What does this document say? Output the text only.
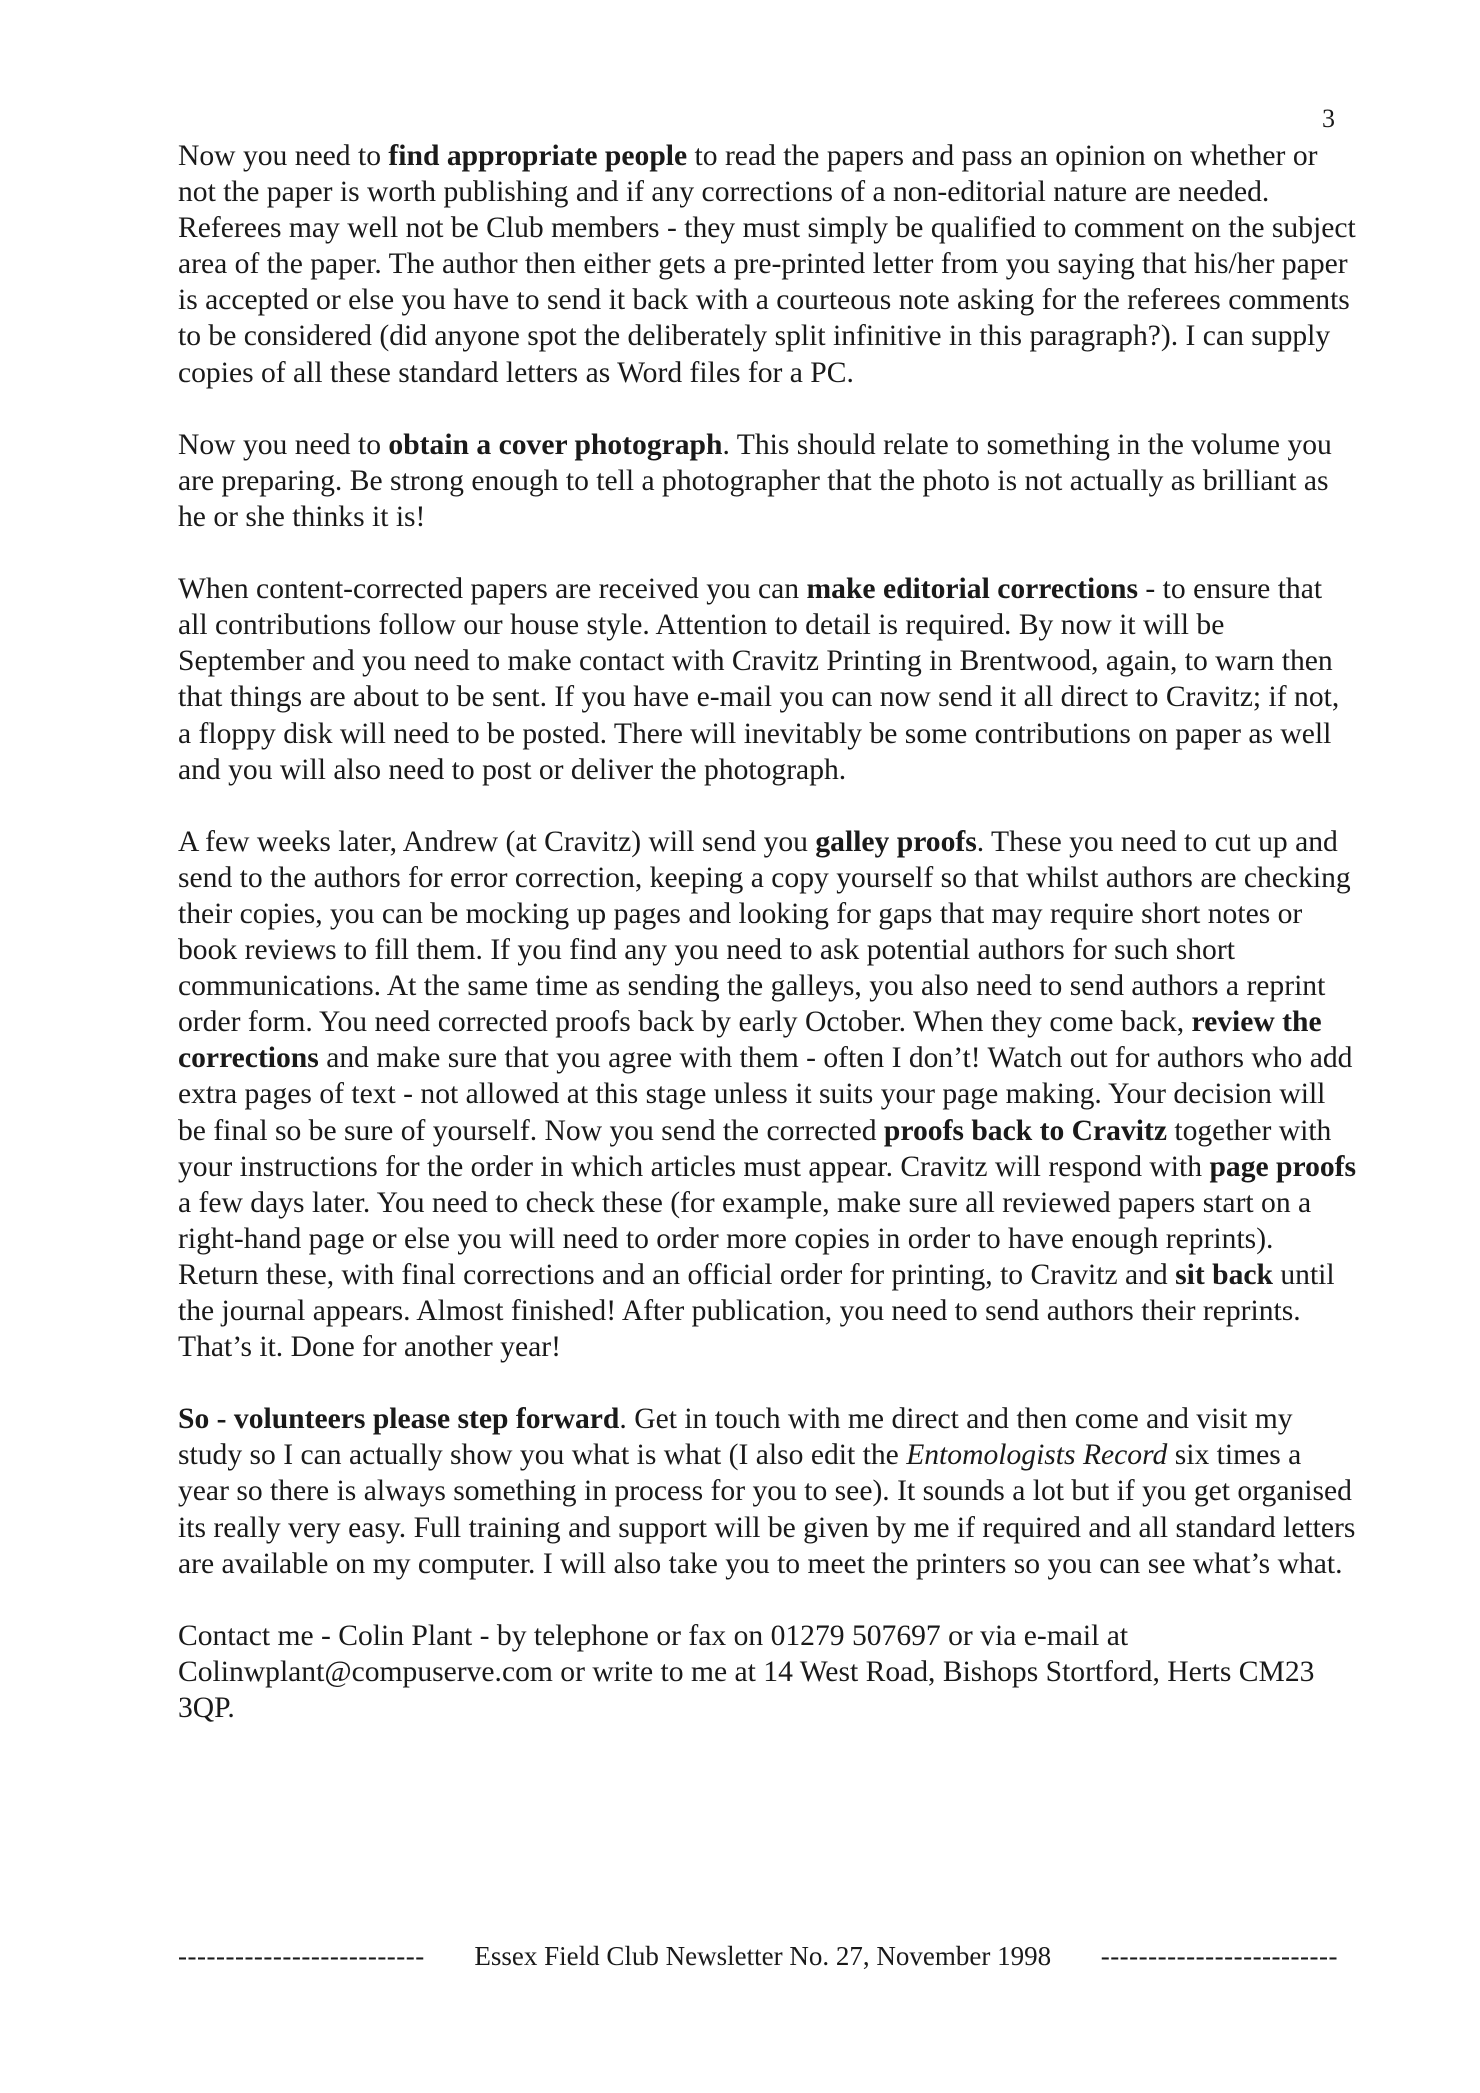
3

Now you need to find appropriate people to read the papers and pass an opinion on whether or not the paper is worth publishing and if any corrections of a non-editorial nature are needed. Referees may well not be Club members - they must simply be qualified to comment on the subject area of the paper. The author then either gets a pre-printed letter from you saying that his/her paper is accepted or else you have to send it back with a courteous note asking for the referees comments to be considered (did anyone spot the deliberately split infinitive in this paragraph?). I can supply copies of all these standard letters as Word files for a PC.

Now you need to obtain a cover photograph. This should relate to something in the volume you are preparing. Be strong enough to tell a photographer that the photo is not actually as brilliant as he or she thinks it is!

When content-corrected papers are received you can make editorial corrections - to ensure that all contributions follow our house style. Attention to detail is required. By now it will be September and you need to make contact with Cravitz Printing in Brentwood, again, to warn then that things are about to be sent. If you have e-mail you can now send it all direct to Cravitz; if not, a floppy disk will need to be posted. There will inevitably be some contributions on paper as well and you will also need to post or deliver the photograph.

A few weeks later, Andrew (at Cravitz) will send you galley proofs. These you need to cut up and send to the authors for error correction, keeping a copy yourself so that whilst authors are checking their copies, you can be mocking up pages and looking for gaps that may require short notes or book reviews to fill them. If you find any you need to ask potential authors for such short communications. At the same time as sending the galleys, you also need to send authors a reprint order form. You need corrected proofs back by early October. When they come back, review the corrections and make sure that you agree with them - often I don’t! Watch out for authors who add extra pages of text - not allowed at this stage unless it suits your page making. Your decision will be final so be sure of yourself. Now you send the corrected proofs back to Cravitz together with your instructions for the order in which articles must appear. Cravitz will respond with page proofs a few days later. You need to check these (for example, make sure all reviewed papers start on a right-hand page or else you will need to order more copies in order to have enough reprints). Return these, with final corrections and an official order for printing, to Cravitz and sit back until the journal appears. Almost finished! After publication, you need to send authors their reprints. That’s it. Done for another year!

So - volunteers please step forward. Get in touch with me direct and then come and visit my study so I can actually show you what is what (I also edit the Entomologists Record six times a year so there is always something in process for you to see). It sounds a lot but if you get organised its really very easy. Full training and support will be given by me if required and all standard letters are available on my computer. I will also take you to meet the printers so you can see what’s what.

Contact me - Colin Plant - by telephone or fax on 01279 507697 or via e-mail at Colinwplant@compuserve.com or write to me at 14 West Road, Bishops Stortford, Herts CM23 3QP.

-------------------------- Essex Field Club Newsletter No. 27, November 1998 -------------------------
